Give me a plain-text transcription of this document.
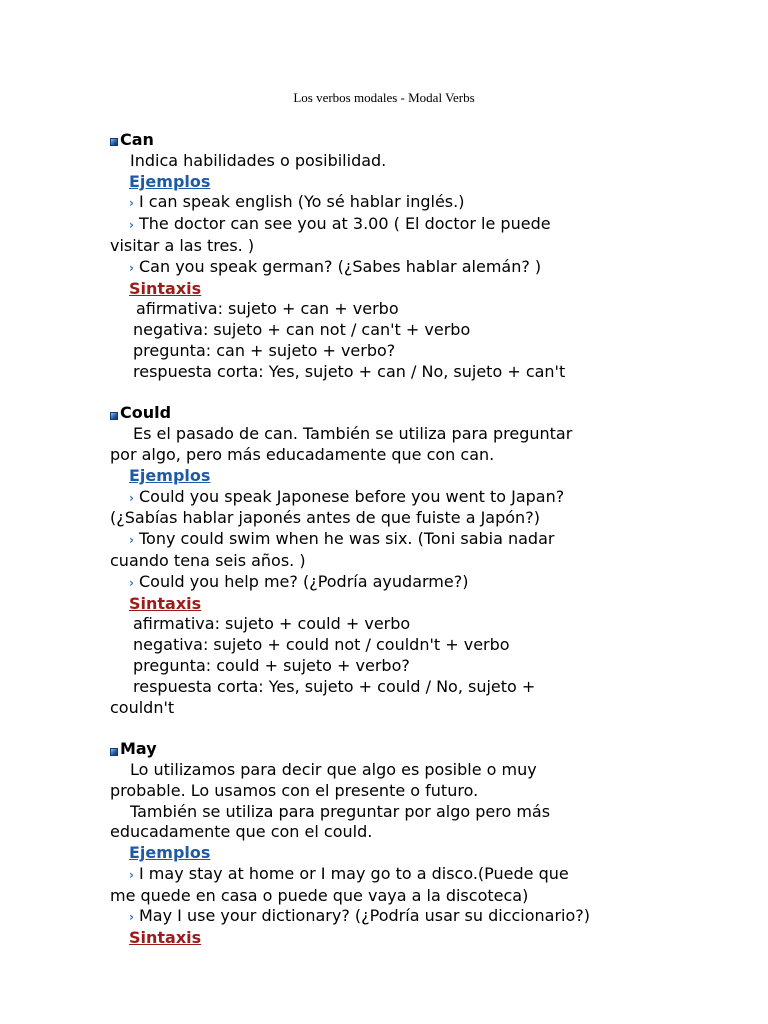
Los verbos modales - Modal Verbs
Can

Indica habilidades o posibilidad.

Ejemplos

› I can speak english (Yo sé hablar inglés.)

› The doctor can see you at 3.00 ( El doctor le puede

visitar a las tres. )

› Can you speak german? (¿Sabes hablar alemán? )

Sintaxis

afirmativa: sujeto + can + verbo

negativa: sujeto + can not / can't + verbo

pregunta: can + sujeto + verbo?

respuesta corta: Yes, sujeto + can / No, sujeto + can't

Could

Es el pasado de can. También se utiliza para preguntar

por algo, pero más educadamente que con can.

Ejemplos

› Could you speak Japonese before you went to Japan?

(¿Sabías hablar japonés antes de que fuiste a Japón?)

› Tony could swim when he was six. (Toni sabia nadar

cuando tena seis años. )

› Could you help me? (¿Podría ayudarme?)

Sintaxis

afirmativa: sujeto + could + verbo

negativa: sujeto + could not / couldn't + verbo

pregunta: could + sujeto + verbo?

respuesta corta: Yes, sujeto + could / No, sujeto +

couldn't

May

Lo utilizamos para decir que algo es posible o muy

probable. Lo usamos con el presente o futuro.

También se utiliza para preguntar por algo pero más

educadamente que con el could.

Ejemplos

› I may stay at home or I may go to a disco.(Puede que

me quede en casa o puede que vaya a la discoteca)

› May I use your dictionary? (¿Podría usar su diccionario?)

Sintaxis
